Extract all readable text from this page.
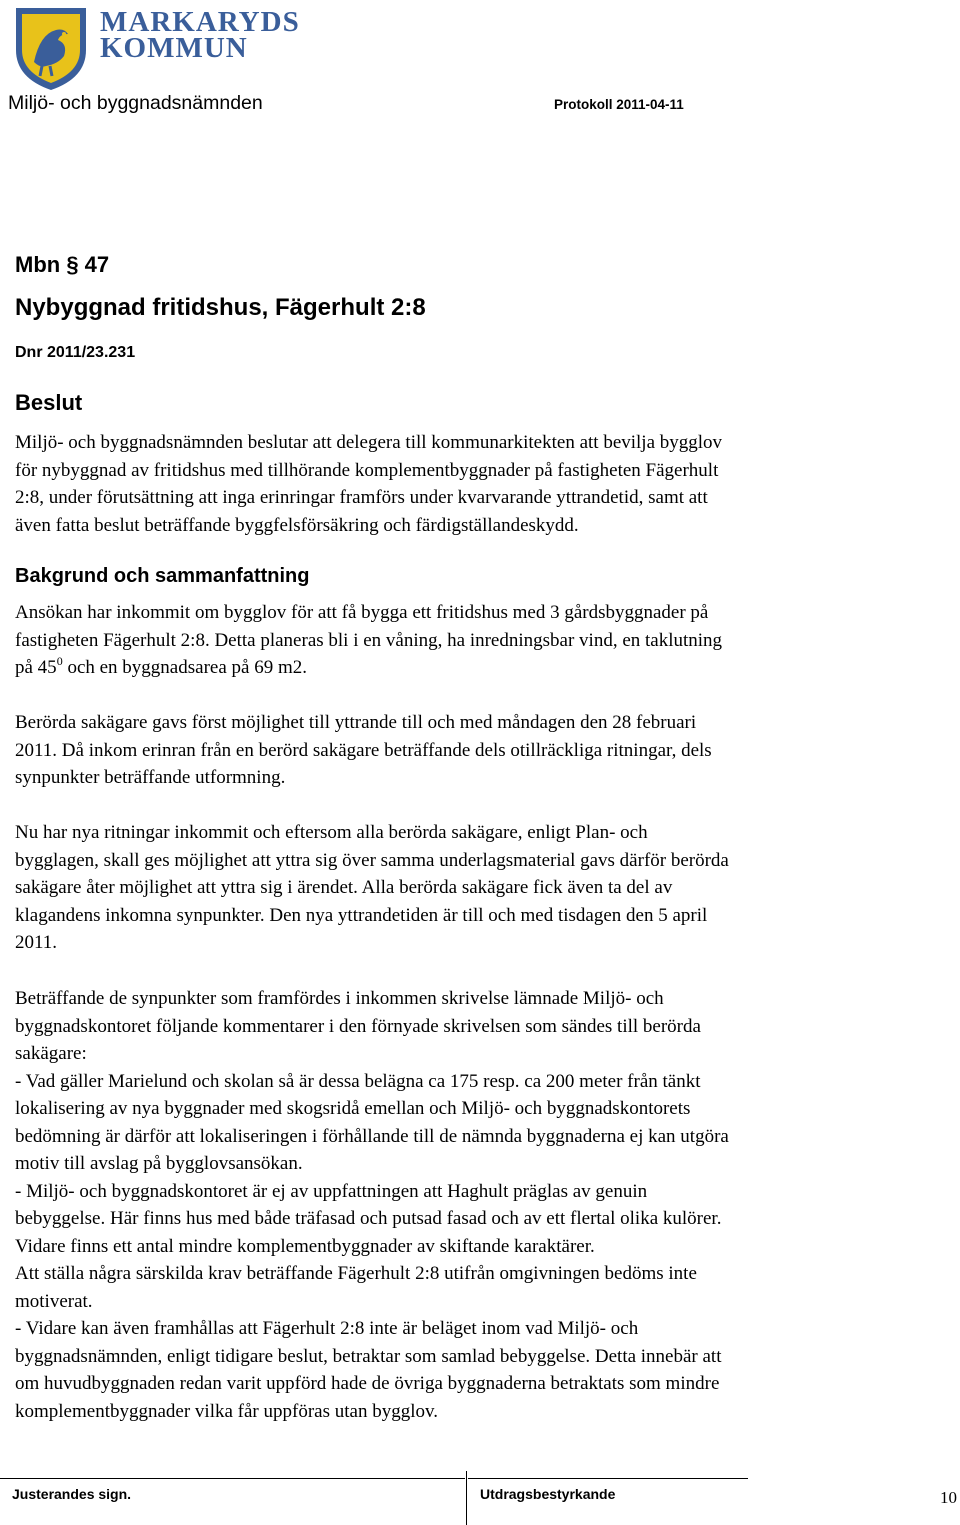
MARKARYDS
KOMMUN
Miljö- och byggnadsnämnden	Protokoll 2011-04-11
Mbn § 47
Nybyggnad fritidshus, Fägerhult 2:8
Dnr 2011/23.231
Beslut
Miljö- och byggnadsnämnden beslutar att delegera till kommunarkitekten att bevilja bygglov
för nybyggnad av fritidshus med tillhörande komplementbyggnader på fastigheten Fägerhult
2:8, under förutsättning att inga erinringar framförs under kvarvarande yttrandetid, samt att
även fatta beslut beträffande byggfelsförsäkring och färdigställandeskydd.
Bakgrund och sammanfattning
Ansökan har inkommit om bygglov för att få bygga ett fritidshus med 3 gårdsbyggnader på
fastigheten Fägerhult 2:8. Detta planeras bli i en våning, ha inredningsbar vind, en taklutning
på $45^0$ och en byggnadsarea på 69 m2.
Berörda sakägare gavs först möjlighet till yttrande till och med måndagen den 28 februari
2011. Då inkom erinran från en berörd sakägare beträffande dels otillräckliga ritningar, dels
synpunkter beträffande utformning.
Nu har nya ritningar inkommit och eftersom alla berörda sakägare, enligt Plan- och
bygglagen, skall ges möjlighet att yttra sig över samma underlagsmaterial gavs därför berörda
sakägare åter möjlighet att yttra sig i ärendet. Alla berörda sakägare fick även ta del av
klagandens inkomna synpunkter. Den nya yttrandetiden är till och med tisdagen den 5 april
2011.
Beträffande de synpunkter som framfördes i inkommen skrivelse lämnade Miljö- och
byggnadskontoret följande kommentarer i den förnyade skrivelsen som sändes till berörda
sakägare:
- Vad gäller Marielund och skolan så är dessa belägna ca 175 resp. ca 200 meter från tänkt
lokalisering av nya byggnader med skogsridå emellan och Miljö- och byggnadskontorets
bedömning är därför att lokaliseringen i förhållande till de nämnda byggnaderna ej kan utgöra
motiv till avslag på bygglovsansökan.
- Miljö- och byggnadskontoret är ej av uppfattningen att Haghult präglas av genuin
bebyggelse. Här finns hus med både träfasad och putsad fasad och av ett flertal olika kulörer.
Vidare finns ett antal mindre komplementbyggnader av skiftande karaktärer.
Att ställa några särskilda krav beträffande Fägerhult 2:8 utifrån omgivningen bedöms inte
motiverat.
- Vidare kan även framhållas att Fägerhult 2:8 inte är beläget inom vad Miljö- och
byggnadsnämnden, enligt tidigare beslut, betraktar som samlad bebyggelse. Detta innebär att
om huvudbyggnaden redan varit uppförd hade de övriga byggnaderna betraktats som mindre
komplementbyggnader vilka får uppföras utan bygglov.
Justerandes sign.	Utdragsbestyrkande	10
